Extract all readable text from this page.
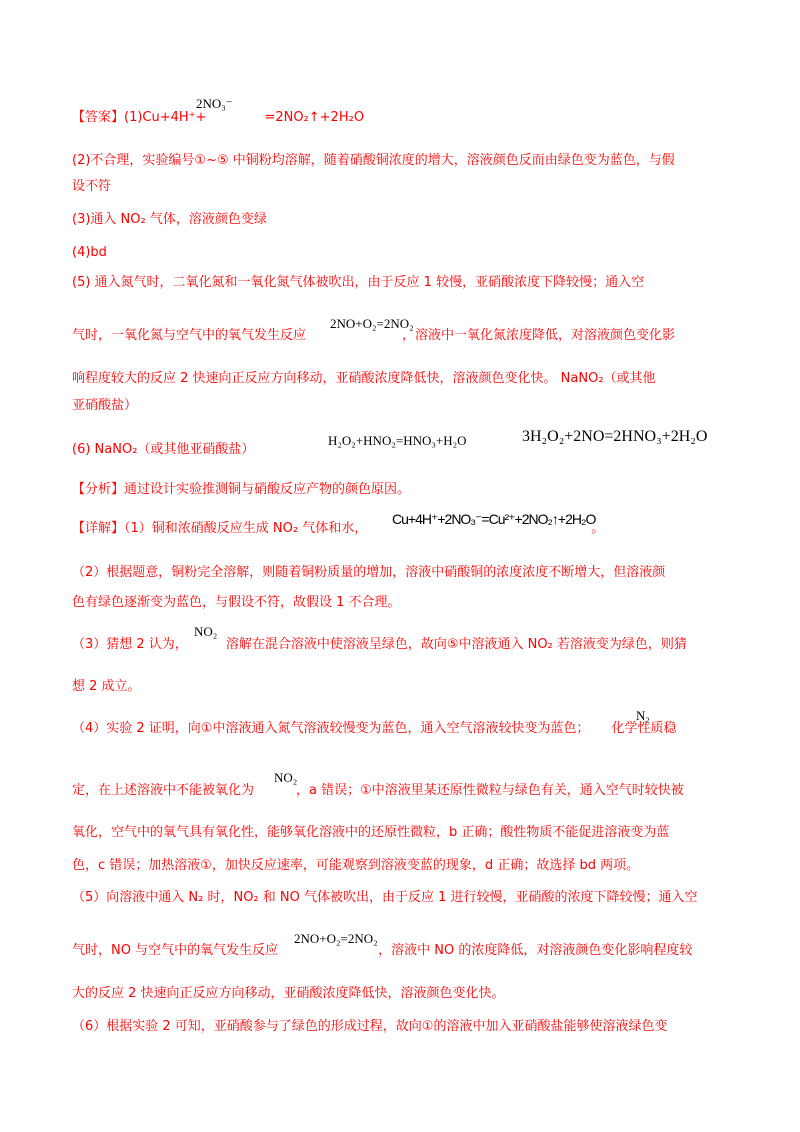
【答案】(1)Cu+4H⁺+	=2NO₂↑+2H₂O
2NO₃⁻
(2)不合理，实验编号①~⑤ 中铜粉均溶解，随着硝酸铜浓度的增大，溶液颜色反而由绿色变为蓝色，与假
设不符
(3)通入 NO₂ 气体，溶液颜色变绿
(4)bd
(5) 通入氮气时，二氧化氮和一氧化氮气体被吹出，由于反应 1 较慢，亚硝酸浓度下降较慢；通入空
气时，一氧化氮与空气中的氧气发生反应	，溶液中一氧化氮浓度降低，对溶液颜色变化影
2NO+O₂=2NO₂
响程度较大的反应 2 快速向正反应方向移动，亚硝酸浓度降低快，溶液颜色变化快。 NaNO₂（或其他
亚硝酸盐）
(6) NaNO₂（或其他亚硝酸盐）
H₂O₂+HNO₂=HNO₃+H₂O	3H₂O₂+2NO=2HNO₃+2H₂O
【分析】通过设计实验推测铜与硝酸反应产物的颜色原因。
【详解】（1）铜和浓硝酸反应生成 NO₂ 气体和水，	。
Cu+4H⁺+2NO₃⁻=Cu²⁺+2NO₂↑+2H₂O
（2）根据题意，铜粉完全溶解，则随着铜粉质量的增加，溶液中硝酸铜的浓度浓度不断增大，但溶液颜
色有绿色逐渐变为蓝色，与假设不符，故假设 1 不合理。
（3）猜想 2 认为，	溶解在混合溶液中使溶液呈绿色，故向⑤中溶液通入 NO₂ 若溶液变为绿色，则猜
NO₂
想 2 成立。
（4）实验 2 证明，向①中溶液通入氮气溶液较慢变为蓝色，通入空气溶液较快变为蓝色； 化学性质稳
N₂
定，在上述溶液中不能被氧化为	，a 错误；①中溶液里某还原性微粒与绿色有关，通入空气时较快被
NO₂
氧化，空气中的氧气具有氧化性，能够氧化溶液中的还原性微粒，b 正确；酸性物质不能促进溶液变为蓝
色，c 错误；加热溶液①，加快反应速率，可能观察到溶液变蓝的现象，d 正确；故选择 bd 两项。
（5）向溶液中通入 N₂ 时，NO₂ 和 NO 气体被吹出，由于反应 1 进行较慢，亚硝酸的浓度下降较慢；通入空
气时，NO 与空气中的氧气发生反应	，溶液中 NO 的浓度降低，对溶液颜色变化影响程度较
2NO+O₂=2NO₂
大的反应 2 快速向正反应方向移动，亚硝酸浓度降低快，溶液颜色变化快。
（6）根据实验 2 可知，亚硝酸参与了绿色的形成过程，故向①的溶液中加入亚硝酸盐能够使溶液绿色变
